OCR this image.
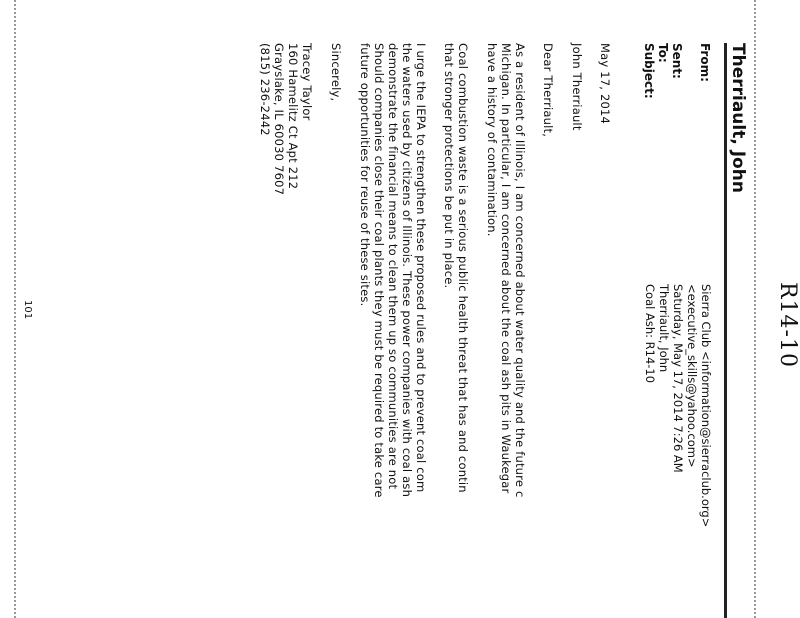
R14-10
Therriault, John
From:
Sierra Club <information@sierraclub.org>
<executive_skills@yahoo.com>
Sent:
Saturday, May 17, 2014 7:26 AM
To:
Therriault, John
Subject:
Coal Ash: R14-10
May 17, 2014
John Therriault
Dear Therriault,
As a resident of Illinois, I am concerned about water quality and the future c
Michigan. In particular, I am concerned about the coal ash pits in Waukegar
have a history of contamination.
Coal combustion waste is a serious public health threat that has and contin
that stronger protections be put in place.
I urge the IEPA to strengthen these proposed rules and to prevent coal com
the waters used by citizens of Illinois. These power companies with coal ash
demonstrate the financial means to clean them up so communities are not
Should companies close their coal plants they must be required to take care
future opportunities for reuse of these sites.
Sincerely,
Tracey Taylor
160 Hamelitz Ct Apt 212
Grayslake, IL 60030 7607
(815) 236-2442
101
